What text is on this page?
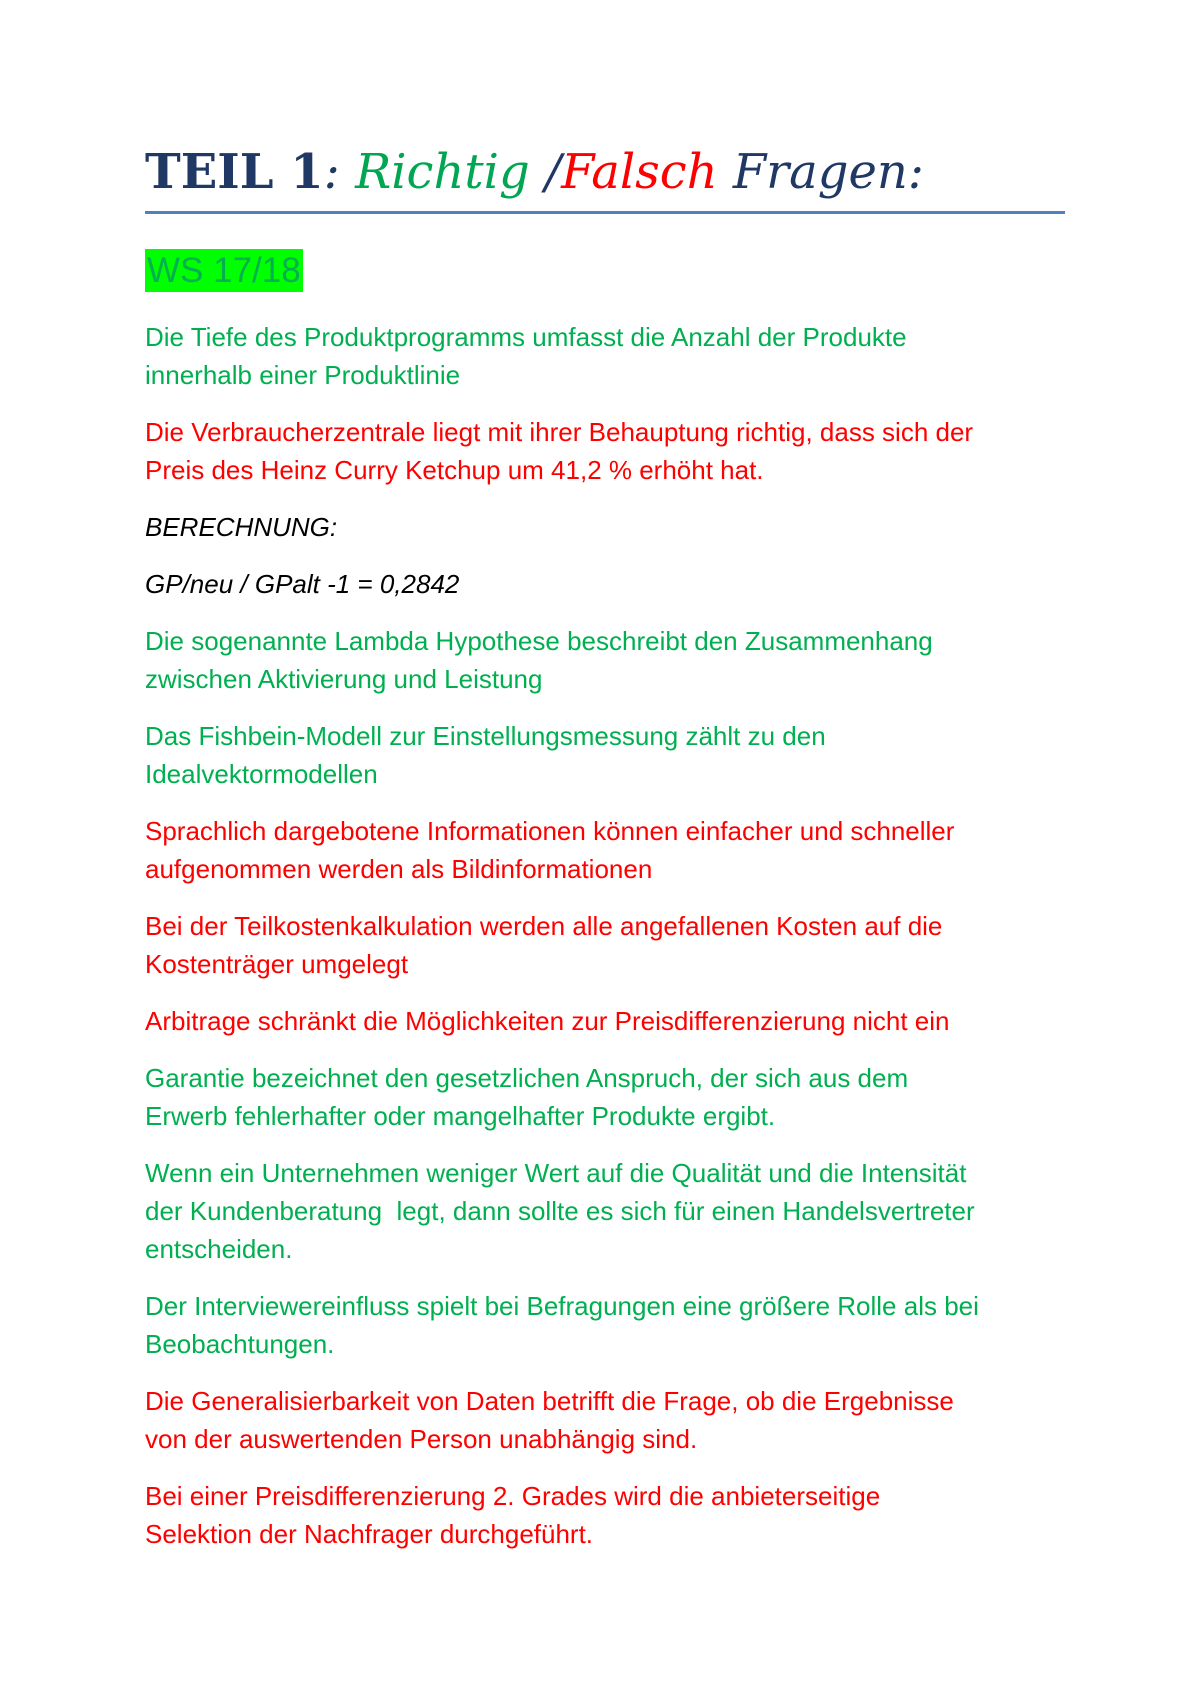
TEIL 1: Richtig /Falsch Fragen:
WS 17/18
Die Tiefe des Produktprogramms umfasst die Anzahl der Produkte
innerhalb einer Produktlinie
Die Verbraucherzentrale liegt mit ihrer Behauptung richtig, dass sich der
Preis des Heinz Curry Ketchup um 41,2 % erhöht hat.
BERECHNUNG:
GP/neu / GPalt -1 = 0,2842
Die sogenannte Lambda Hypothese beschreibt den Zusammenhang
zwischen Aktivierung und Leistung
Das Fishbein-Modell zur Einstellungsmessung zählt zu den
Idealvektormodellen
Sprachlich dargebotene Informationen können einfacher und schneller
aufgenommen werden als Bildinformationen
Bei der Teilkostenkalkulation werden alle angefallenen Kosten auf die
Kostenträger umgelegt
Arbitrage schränkt die Möglichkeiten zur Preisdifferenzierung nicht ein
Garantie bezeichnet den gesetzlichen Anspruch, der sich aus dem
Erwerb fehlerhafter oder mangelhafter Produkte ergibt.
Wenn ein Unternehmen weniger Wert auf die Qualität und die Intensität
der Kundenberatung  legt, dann sollte es sich für einen Handelsvertreter
entscheiden.
Der Interviewereinfluss spielt bei Befragungen eine größere Rolle als bei
Beobachtungen.
Die Generalisierbarkeit von Daten betrifft die Frage, ob die Ergebnisse
von der auswertenden Person unabhängig sind.
Bei einer Preisdifferenzierung 2. Grades wird die anbieterseitige
Selektion der Nachfrager durchgeführt.
